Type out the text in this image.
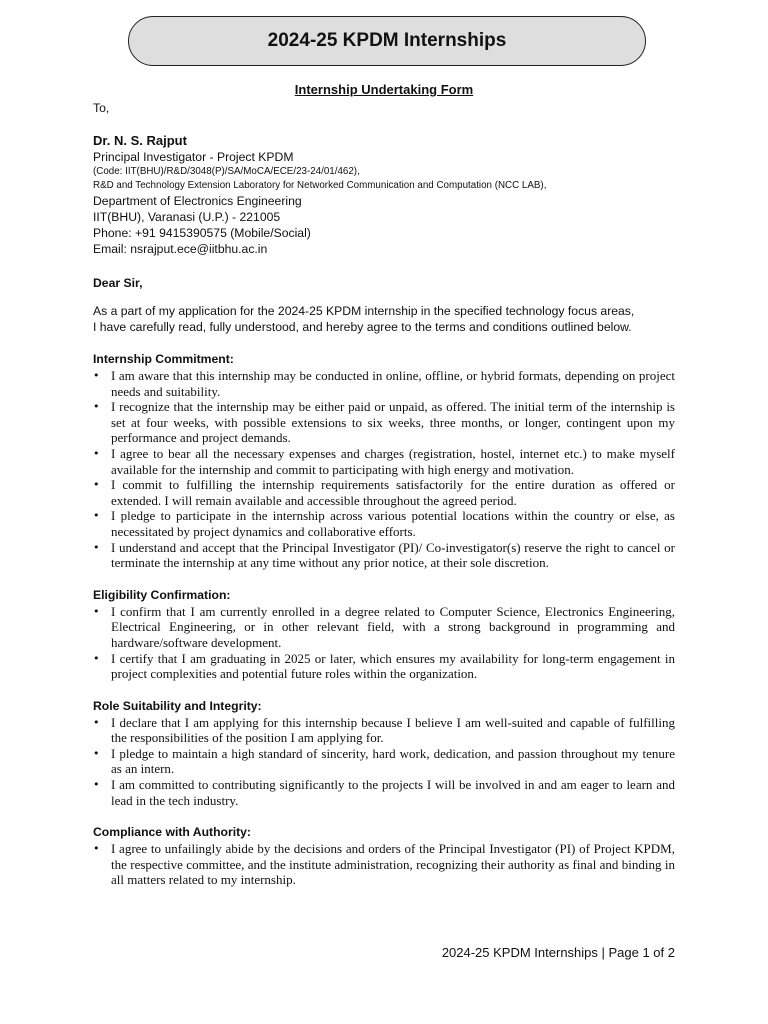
2024-25 KPDM Internships
Internship Undertaking Form

To,

Dr. N. S. Rajput

Principal Investigator - Project KPDM

(Code: IIT(BHU)/R&D/3048(P)/SA/MoCA/ECE/23-24/01/462),

R&D and Technology Extension Laboratory for Networked Communication and Computation (NCC LAB),

Department of Electronics Engineering

IIT(BHU), Varanasi (U.P.) - 221005

Phone: +91 9415390575 (Mobile/Social)

Email: nsrajput.ece@iitbhu.ac.in

Dear Sir,

As a part of my application for the 2024-25 KPDM internship in the specified technology focus areas,

I have carefully read, fully understood, and hereby agree to the terms and conditions outlined below.

Internship Commitment:

• I am aware that this internship may be conducted in online, offline, or hybrid formats, depending on project needs and suitability.
• I recognize that the internship may be either paid or unpaid, as offered. The initial term of the internship is set at four weeks, with possible extensions to six weeks, three months, or longer, contingent upon my performance and project demands.
• I agree to bear all the necessary expenses and charges (registration, hostel, internet etc.) to make myself available for the internship and commit to participating with high energy and motivation.
• I commit to fulfilling the internship requirements satisfactorily for the entire duration as offered or extended. I will remain available and accessible throughout the agreed period.
• I pledge to participate in the internship across various potential locations within the country or else, as necessitated by project dynamics and collaborative efforts.
• I understand and accept that the Principal Investigator (PI)/ Co-investigator(s) reserve the right to cancel or terminate the internship at any time without any prior notice, at their sole discretion.

Eligibility Confirmation:

• I confirm that I am currently enrolled in a degree related to Computer Science, Electronics Engineering, Electrical Engineering, or in other relevant field, with a strong background in programming and hardware/software development.
• I certify that I am graduating in 2025 or later, which ensures my availability for long-term engagement in project complexities and potential future roles within the organization.

Role Suitability and Integrity:

• I declare that I am applying for this internship because I believe I am well-suited and capable of fulfilling the responsibilities of the position I am applying for.
• I pledge to maintain a high standard of sincerity, hard work, dedication, and passion throughout my tenure as an intern.
• I am committed to contributing significantly to the projects I will be involved in and am eager to learn and lead in the tech industry.

Compliance with Authority:

• I agree to unfailingly abide by the decisions and orders of the Principal Investigator (PI) of Project KPDM, the respective committee, and the institute administration, recognizing their authority as final and binding in all matters related to my internship.
2024-25 KPDM Internships | Page 1 of 2
